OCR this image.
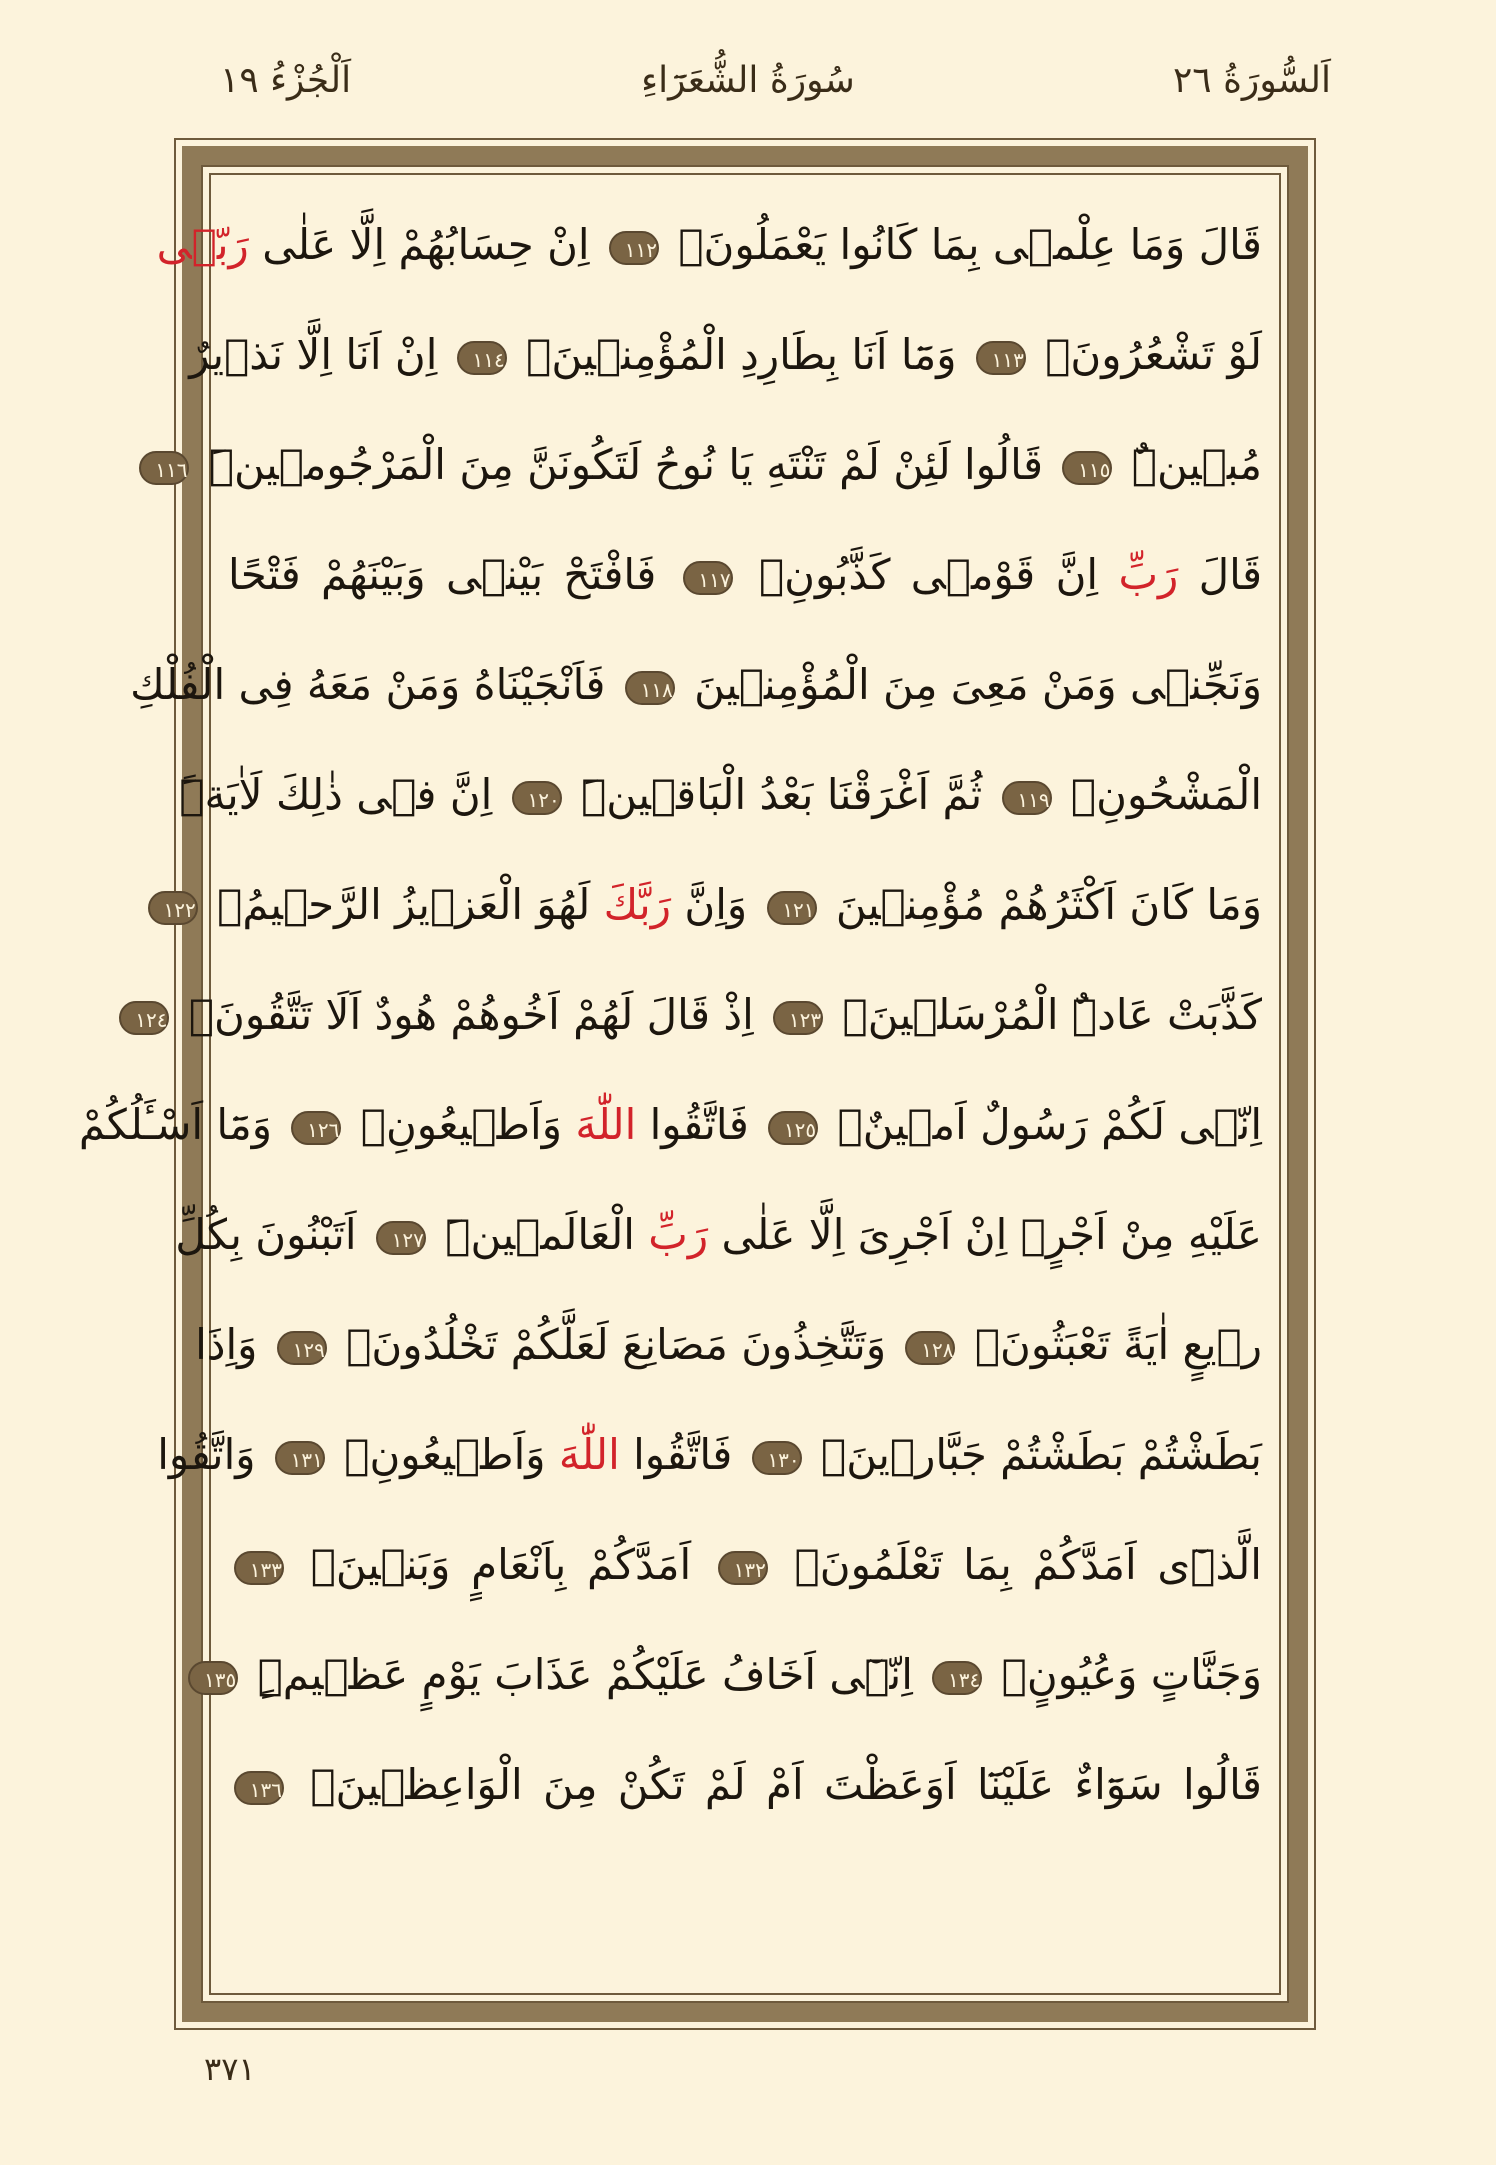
اَلْجُزْءُ ١٩	سُورَةُ الشُّعَرَٓاءِ	اَلسُّورَةُ ٢٦
قَالَ وَمَا عِلْمٖى بِمَا كَانُوا يَعْمَلُونَۚ ١١٢ اِنْ حِسَابُهُمْ اِلَّا عَلٰى رَبّٖى
لَوْ تَشْعُرُونَۚ ١١٣ وَمَٓا اَنَا بِطَارِدِ الْمُؤْمِنٖينَۚ ١١٤ اِنْ اَنَا اِلَّا نَذٖيرٌ
مُبٖينٌۜ ١١٥ قَالُوا لَئِنْ لَمْ تَنْتَهِ يَا نُوحُ لَتَكُونَنَّ مِنَ الْمَرْجُومٖينَۜ ١١٦
قَالَ رَبِّ اِنَّ قَوْمٖى كَذَّبُونِۚ ١١٧ فَافْتَحْ بَيْنٖى وَبَيْنَهُمْ فَتْحًا
وَنَجِّنٖى وَمَنْ مَعِىَ مِنَ الْمُؤْمِنٖينَ ١١٨ فَاَنْجَيْنَاهُ وَمَنْ مَعَهُ فِى الْفُلْكِ
الْمَشْحُونِۚ ١١٩ ثُمَّ اَغْرَقْنَا بَعْدُ الْبَاقٖينَۜ ١٢٠ اِنَّ فٖى ذٰلِكَ لَاٰيَةًۜ
وَمَا كَانَ اَكْثَرُهُمْ مُؤْمِنٖينَ ١٢١ وَاِنَّ رَبَّكَ لَهُوَ الْعَزٖيزُ الرَّحٖيمُۚ ١٢٢
كَذَّبَتْ عَادٌۨ الْمُرْسَلٖينَۚ ١٢٣ اِذْ قَالَ لَهُمْ اَخُوهُمْ هُودٌ اَلَا تَتَّقُونَۚ ١٢٤
اِنّٖى لَكُمْ رَسُولٌ اَمٖينٌۙ ١٢٥ فَاتَّقُوا اللّٰهَ وَاَطٖيعُونِۚ ١٢٦ وَمَٓا اَسْـَٔلُكُمْ
عَلَيْهِ مِنْ اَجْرٍۚ اِنْ اَجْرِىَ اِلَّا عَلٰى رَبِّ الْعَالَمٖينَۜ ١٢٧ اَتَبْنُونَ بِكُلِّ
رٖيعٍ اٰيَةً تَعْبَثُونَۙ ١٢٨ وَتَتَّخِذُونَ مَصَانِعَ لَعَلَّكُمْ تَخْلُدُونَۚ ١٢٩ وَاِذَا
بَطَشْتُمْ بَطَشْتُمْ جَبَّارٖينَۚ ١٣٠ فَاتَّقُوا اللّٰهَ وَاَطٖيعُونِۚ ١٣١ وَاتَّقُوا
الَّذٖٓى اَمَدَّكُمْ بِمَا تَعْلَمُونَۚ ١٣٢ اَمَدَّكُمْ بِاَنْعَامٍ وَبَنٖينَۙ ١٣٣
وَجَنَّاتٍ وَعُيُونٍۚ ١٣٤ اِنّٖٓى اَخَافُ عَلَيْكُمْ عَذَابَ يَوْمٍ عَظٖيمٍۜ ١٣٥
قَالُوا سَوَٓاءٌ عَلَيْنَٓا اَوَعَظْتَ اَمْ لَمْ تَكُنْ مِنَ الْوَاعِظٖينَۙ ١٣٦
٣٧١
